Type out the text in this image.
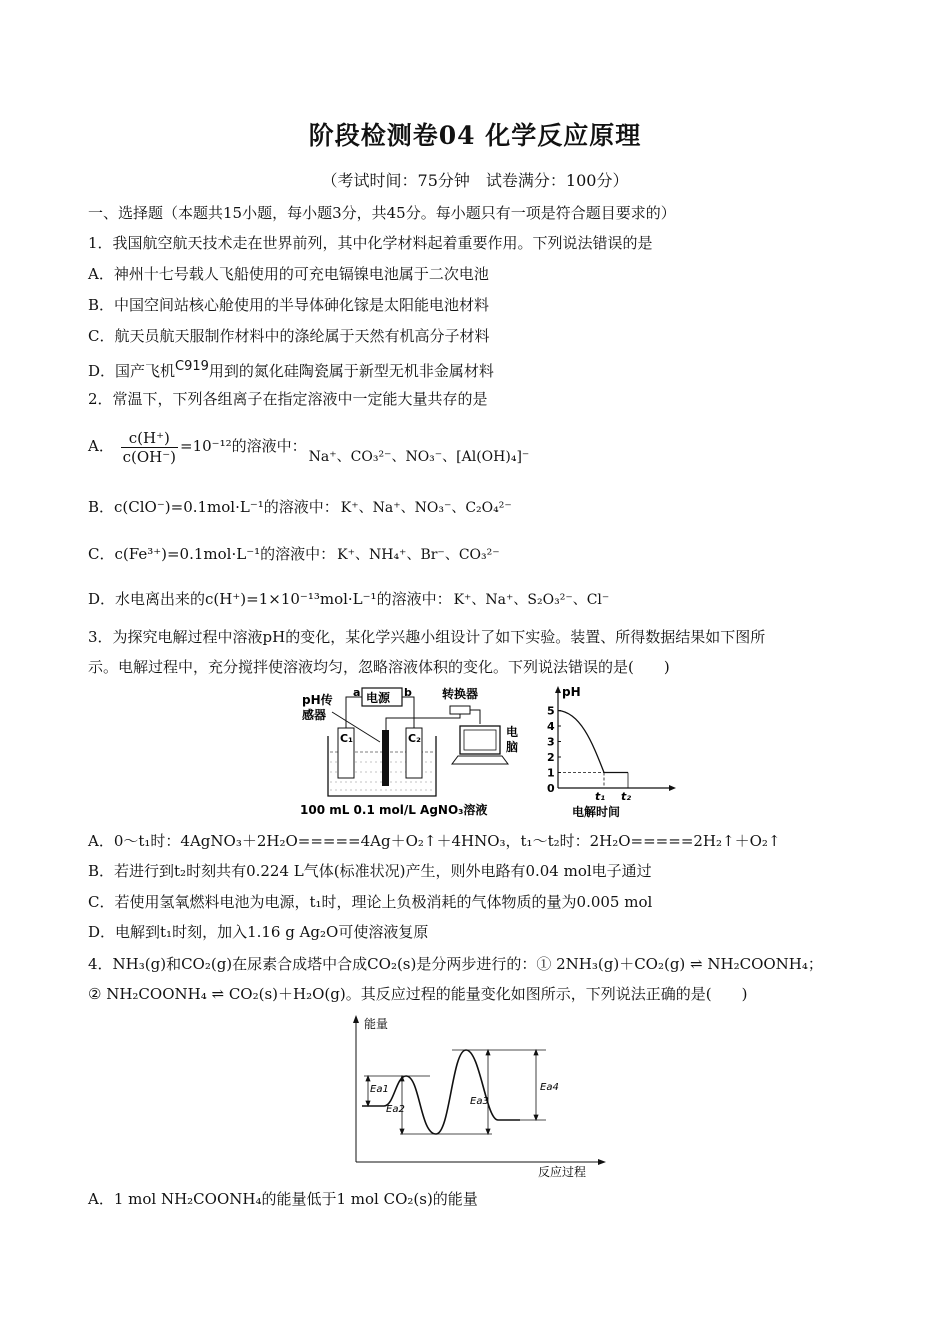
阶段检测卷04 化学反应原理
（考试时间：75分钟　试卷满分：100分）
一、选择题（本题共15小题，每小题3分，共45分。每小题只有一项是符合题目要求的）
1．我国航空航天技术走在世界前列，其中化学材料起着重要作用。下列说法错误的是
A．神州十七号载人飞船使用的可充电镉镍电池属于二次电池
B．中国空间站核心舱使用的半导体砷化镓是太阳能电池材料
C．航天员航天服制作材料中的涤纶属于天然有机高分子材料
D．国产飞机$^{C919}$用到的氮化硅陶瓷属于新型无机非金属材料
2．常温下，下列各组离子在指定溶液中一定能大量共存的是
A． $\frac{c(H^+)}{c(OH^-)} =10^{-12}$的溶液中：Na⁺、CO₃²⁻、NO₃⁻、[Al(OH)₄]⁻
B．c(ClO⁻)=0.1mol·L⁻¹的溶液中： K⁺、Na⁺、NO₃⁻、C₂O₄²⁻
C．c(Fe³⁺)=0.1mol·L⁻¹的溶液中： K⁺、NH₄⁺、Br⁻、CO₃²⁻
D．水电离出来的c(H⁺)=1×10⁻¹³mol·L⁻¹的溶液中： K⁺、Na⁺、S₂O₃²⁻、Cl⁻
3．为探究电解过程中溶液pH的变化，某化学兴趣小组设计了如下实验。装置、所得数据结果如下图所
示。电解过程中，充分搅拌使溶液均匀，忽略溶液体积的变化。下列说法错误的是(　　)
pH传
感器
电源
a	b
C₁	C₂
转换器
电
脑
100 mL 0.1 mol/L AgNO₃溶液
pH
0
1
2
3
4
5
t₁ t₂
电解时间
A．0～t₁时：4AgNO₃＋2H₂O=====4Ag＋O₂↑＋4HNO₃，t₁～t₂时：2H₂O=====2H₂↑＋O₂↑
B．若进行到t₂时刻共有0.224 L气体(标准状况)产生，则外电路有0.04 mol电子通过
C．若使用氢氧燃料电池为电源，t₁时，理论上负极消耗的气体物质的量为0.005 mol
D．电解到t₁时刻，加入1.16 g Ag₂O可使溶液复原
4．NH₃(g)和CO₂(g)在尿素合成塔中合成CO₂(s)是分两步进行的：① 2NH₃(g)＋CO₂(g) ⇌ NH₂COONH₄；
② NH₂COONH₄ ⇌ CO₂(s)＋H₂O(g)。其反应过程的能量变化如图所示，下列说法正确的是(　　)
能量
反应过程
Ea1
Ea2
Ea3
Ea4
A．1 mol NH₂COONH₄的能量低于1 mol CO₂(s)的能量
